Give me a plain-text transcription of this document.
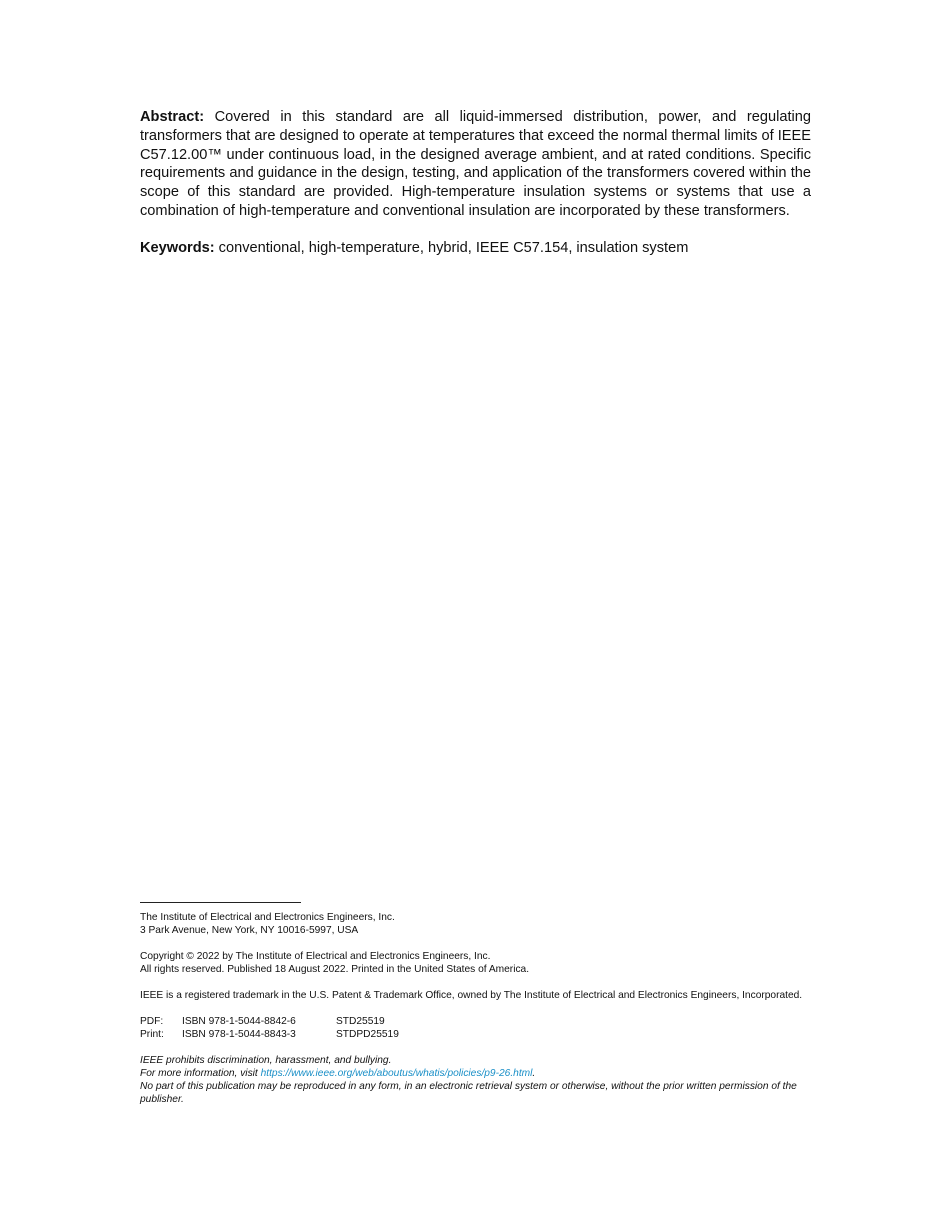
Abstract: Covered in this standard are all liquid-immersed distribution, power, and regulating transformers that are designed to operate at temperatures that exceed the normal thermal limits of IEEE C57.12.00™ under continuous load, in the designed average ambient, and at rated conditions. Specific requirements and guidance in the design, testing, and application of the transformers covered within the scope of this standard are provided. High-temperature insulation systems or systems that use a combination of high-temperature and conventional insulation are incorporated by these transformers.

Keywords: conventional, high-temperature, hybrid, IEEE C57.154, insulation system

The Institute of Electrical and Electronics Engineers, Inc.

3 Park Avenue, New York, NY 10016-5997, USA

Copyright © 2022 by The Institute of Electrical and Electronics Engineers, Inc.

All rights reserved. Published 18 August 2022. Printed in the United States of America.

IEEE is a registered trademark in the U.S. Patent & Trademark Office, owned by The Institute of Electrical and Electronics Engineers, Incorporated.

PDF:	ISBN 978-1-5044-8842-6	STD25519
Print:	ISBN 978-1-5044-8843-3	STDPD25519

IEEE prohibits discrimination, harassment, and bullying.

For more information, visit https://www.ieee.org/web/aboutus/whatis/policies/p9-26.html.

No part of this publication may be reproduced in any form, in an electronic retrieval system or otherwise, without the prior written permission of the publisher.
